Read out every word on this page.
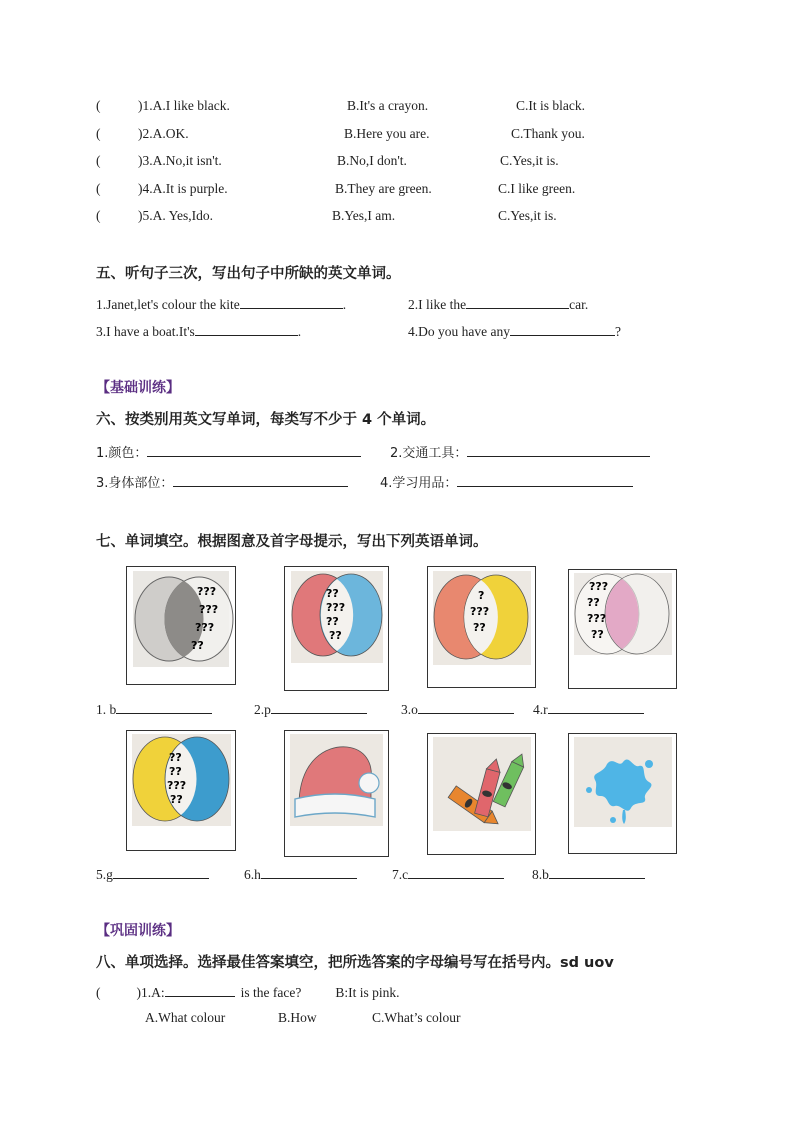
(	)1.A.I like black.	B.It's a crayon.	C.It is black.
(	)2.A.OK.	B.Here you are.	C.Thank you.
(	)3.A.No,it isn't.	B.No,I don't.	C.Yes,it is.
(	)4.A.It is purple.	B.They are green.	C.I like green.
(	)5.A. Yes,Ido.	B.Yes,I am.	C.Yes,it is.
五、听句子三次，写出句子中所缺的英文单词。
1.Janet,let's colour the kite	.	2.I like the	car.
3.I have a boat.It's	.	4.Do you have any	?
【基础训练】
六、按类别用英文写单词，每类写不少于 4 个单词。
1.颜色：	2.交通工具：
3.身体部位：	4.学习用品：
七、单词填空。根据图意及首字母提示，写出下列英语单词。
???
???
???
??
??
???
??
??
?
???
??
???
??
???
??
1. b	2.p	3.o	4.r
??
??
???
??
5.g	6.h	7.c	8.b
【巩固训练】
八、单项选择。选择最佳答案填空，把所选答案的字母编号写在括号内。sd uov
(	)1.A:	is the face?	B:It is pink.
A.What colour	B.How	C.What’s colour
